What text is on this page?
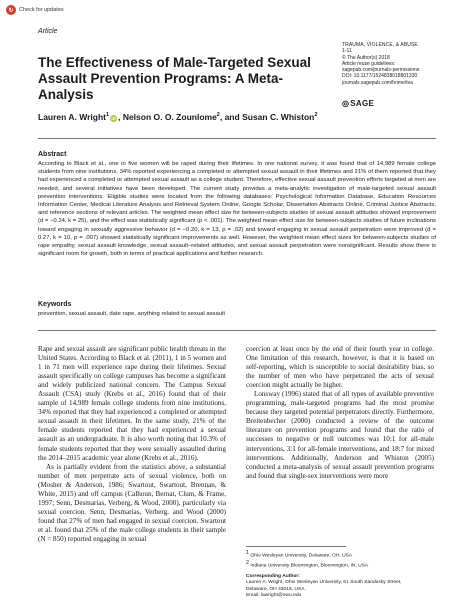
↻ Check for updates
Article
TRAUMA, VIOLENCE, & ABUSE
1-11
© The Author(s) 2018
Article reuse guidelines:
sagepub.com/journals-permissions
DOI: 10.1177/1524838018801330
journals.sagepub.com/home/tva
◎ SAGE
The Effectiveness of Male-Targeted Sexual Assault Prevention Programs: A Meta-Analysis
Lauren A. Wright$^1$iD , Nelson O. O. Zounlome$^2$, and Susan C. Whiston$^2$
Abstract
According to Black et al., one in five women will be raped during their lifetimes. In one national survey, it was found that of 14,989 female college students from nine institutions, 34% reported experiencing a completed or attempted sexual assault in their lifetimes and 21% of them reported that they had experienced a completed or attempted sexual assault as a college student. Therefore, effective sexual assault prevention efforts targeted at men are needed, and several initiatives have been developed. The current study provides a meta-analytic investigation of male-targeted sexual assault prevention interventions. Eligible studies were located from the following databases: Psychological Information Database, Education Resources Information Center, Medical Literature Analysis and Retrieval System Online, Google Scholar, Dissertation Abstracts Online, Criminal Justice Abstracts, and reference sections of relevant articles. The weighted mean effect size for between-subjects studies of sexual assault attitudes showed improvement (d = −0.24, k = 25), and the effect was statistically significant (p < .001). The weighted mean effect size for between-subjects studies of future inclinations toward engaging in sexually aggressive behavior (d = −0.20, k = 13, p = .02) and toward engaging in sexual assault perpetration were improved (d = 0.27, k = 10, p = .007) showed statistically significant improvements as well. However, the weighted mean effect sizes for between-subjects studies of rape empathy, sexual assault knowledge, sexual assault–related attitudes, and sexual assault perpetration were nonsignificant. Results show there is significant room for growth, both in terms of practical applications and further research.
Keywords
prevention, sexual assault, date rape, anything related to sexual assault

Rape and sexual assault are significant public health threats in the United States. According to Black et al. (2011), 1 in 5 women and 1 in 71 men will experience rape during their lifetimes. Sexual assault specifically on college campuses has become a significant and widely publicized national concern. The Campus Sexual Assault (CSA) study (Krebs et al., 2016) found that of their sample of 14,989 female college students from nine institutions, 34% reported that they had experienced a completed or attempted sexual assault in their lifetimes. In the same study, 21% of the female students reported that they had experienced a sexual assault as an undergraduate. It is also worth noting that 10.3% of female students reported that they were sexually assaulted during the 2014–2015 academic year alone (Krebs et al., 2016).

As is partially evident from the statistics above, a substantial number of men perpetrate acts of sexual violence, both on (Mosher & Anderson, 1986; Swartout, Swartout, Brennan, & White, 2015) and off campus (Calhoun, Bernat, Clum, & Frame, 1997; Senn, Desmarias, Verberg, & Wood, 2000), particularly via sexual coercion. Senn, Desmarias, Verberg, and Wood (2000) found that 27% of men had engaged in sexual coercion. Swartout et al. found that 25% of the male college students in their sample (N = 850) reported engaging in sexual

coercion at least once by the end of their fourth year in college. One limitation of this research, however, is that it is based on self-reporting, which is susceptible to social desirability bias, so the number of men who have perpetrated the acts of sexual coercion might actually be higher.

Lonsway (1996) stated that of all types of available preventive programming, male-targeted programs had the most promise because they targeted potential perpetrators directly. Furthermore, Breitenbecher (2000) conducted a review of the outcome literature on prevention programs and found that the ratio of successes to negative or null outcomes was 10:1 for all-male interventions, 3:1 for all-female interventions, and 18:7 for mixed interventions. Additionally, Anderson and Whiston (2005) conducted a meta-analysis of sexual assault prevention programs and found that single-sex interventions were more

1 Ohio Wesleyan University, Delaware, OH, USA
2 Indiana University Bloomington, Bloomington, IN, USA
Corresponding Author:
Lauren A. Wright, Ohio Wesleyan University, 61 South Sandusky Street,
Delaware, OH 43015, USA.
Email: lawright@owu.edu
